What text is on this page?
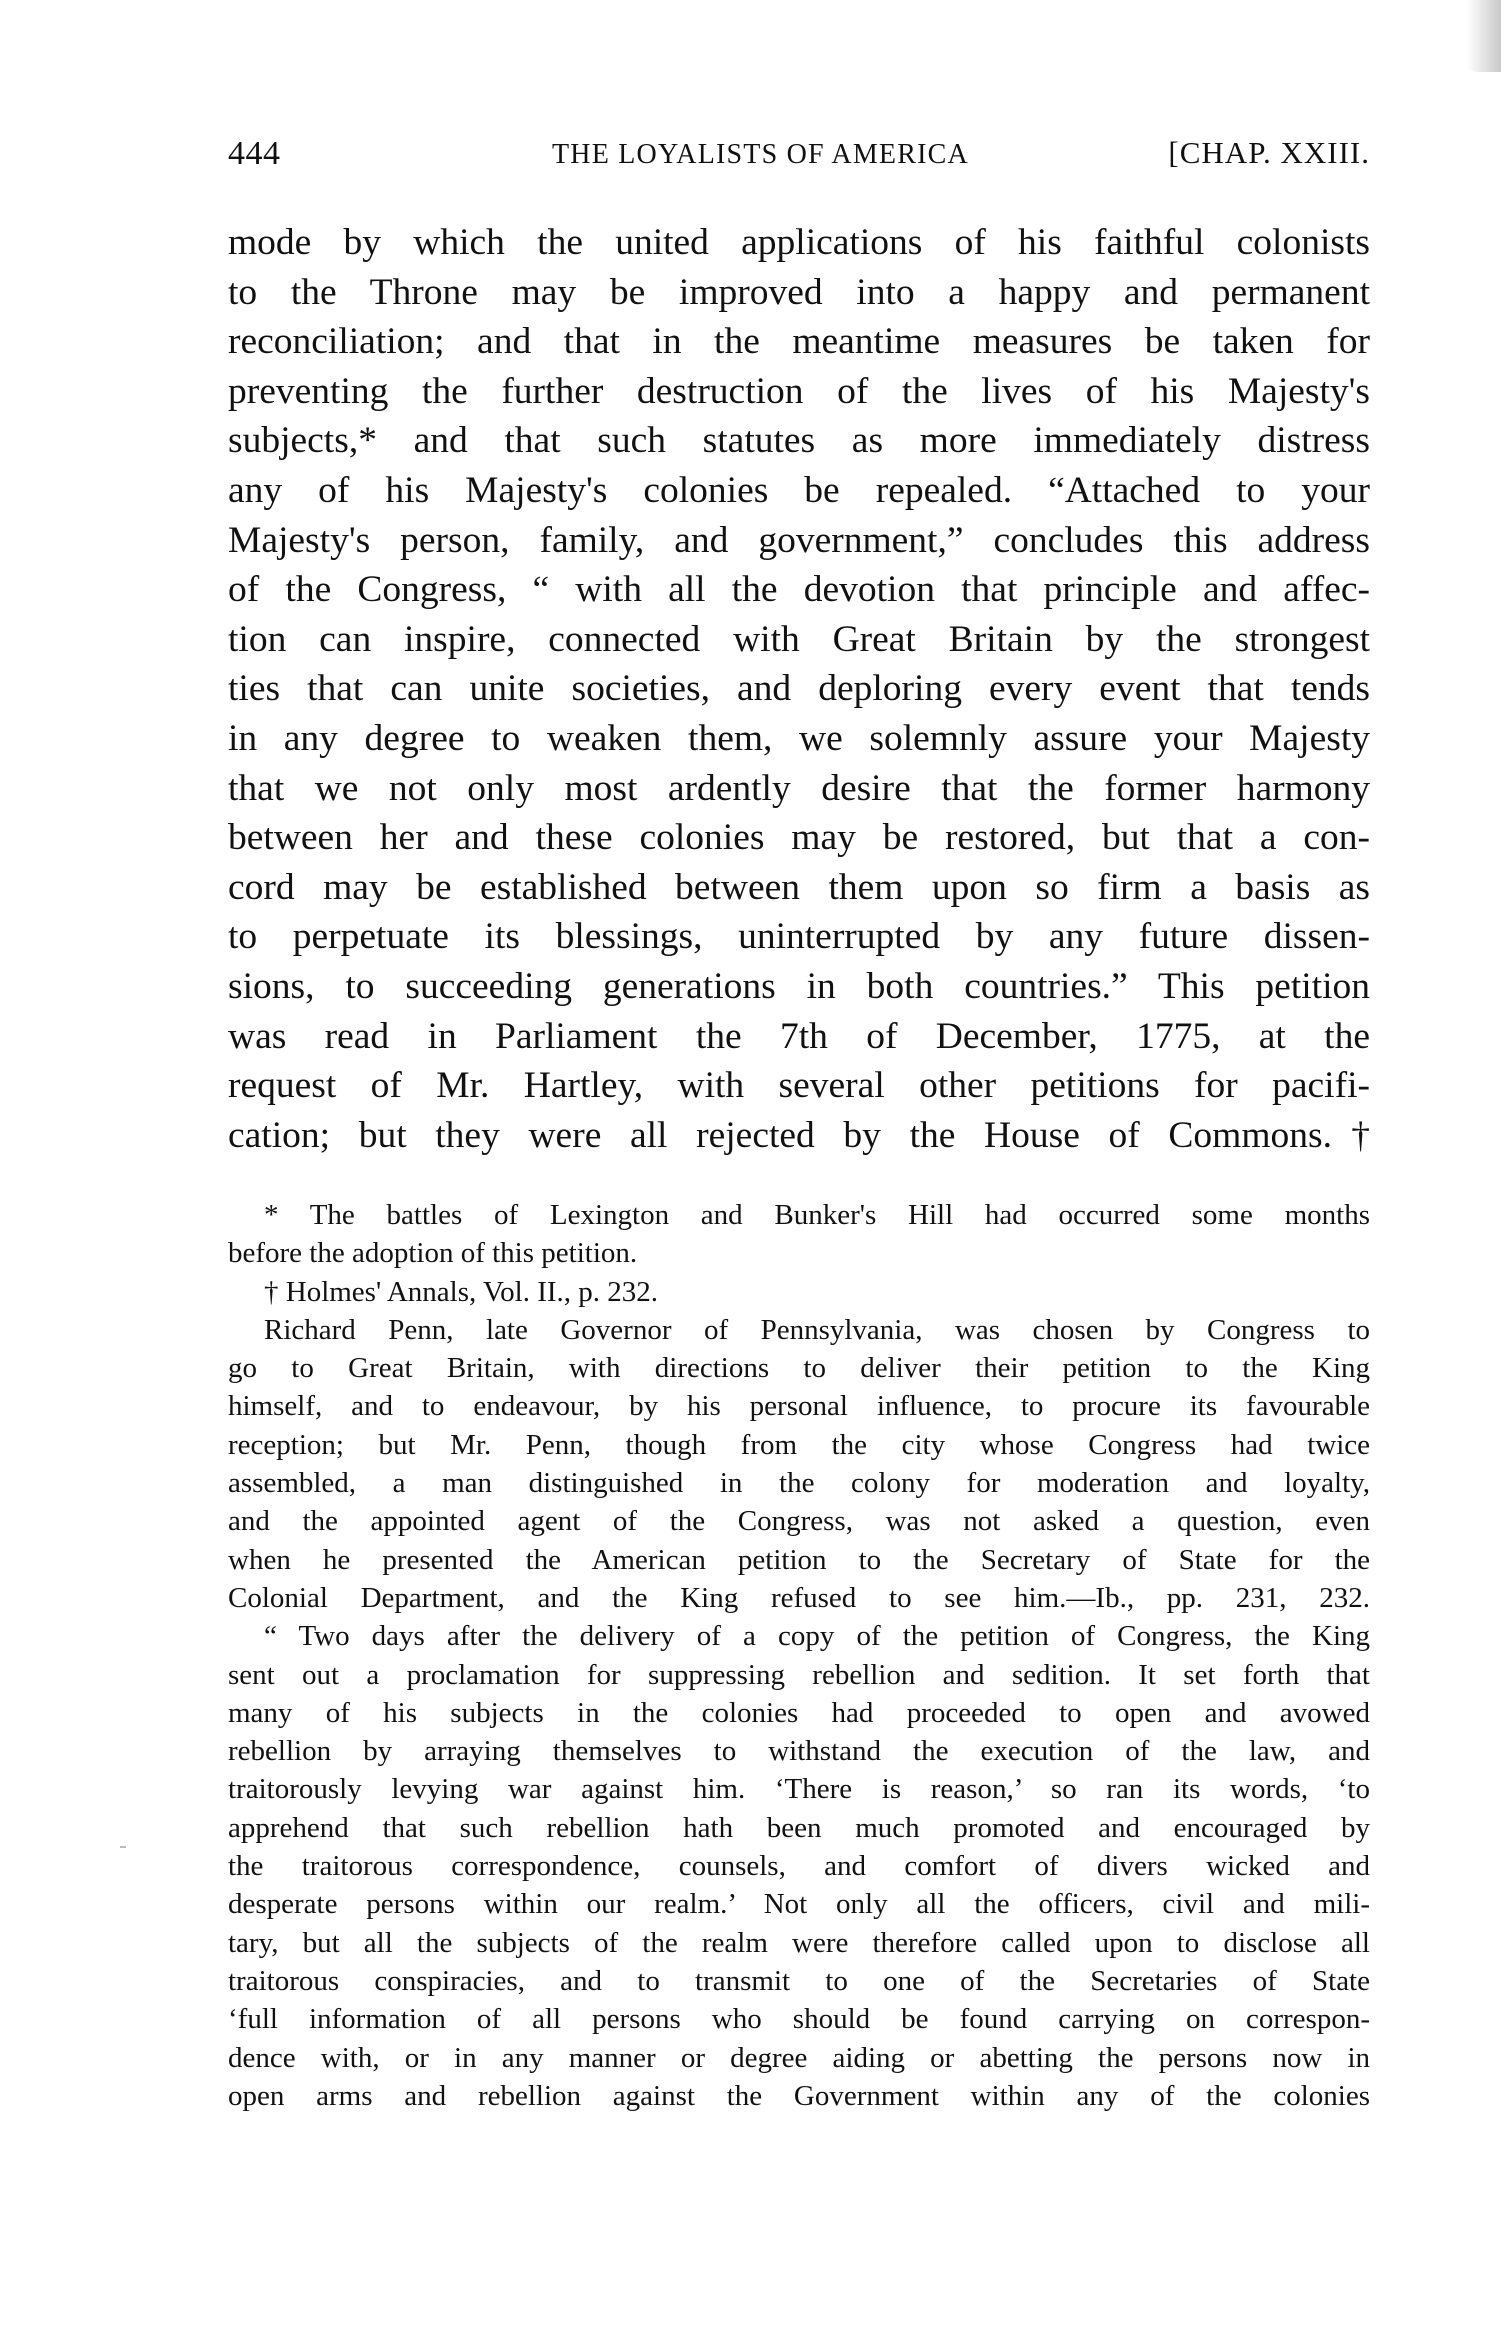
444	THE LOYALISTS OF AMERICA	[CHAP. XXIII.
mode by which the united applications of his faithful colonists
to the Throne may be improved into a happy and permanent
reconciliation; and that in the meantime measures be taken for
preventing the further destruction of the lives of his Majesty's
subjects,* and that such statutes as more immediately distress
any of his Majesty's colonies be repealed. “Attached to your
Majesty's person, family, and government,” concludes this address
of the Congress, “ with all the devotion that principle and affec-
tion can inspire, connected with Great Britain by the strongest
ties that can unite societies, and deploring every event that tends
in any degree to weaken them, we solemnly assure your Majesty
that we not only most ardently desire that the former harmony
between her and these colonies may be restored, but that a con-
cord may be established between them upon so firm a basis as
to perpetuate its blessings, uninterrupted by any future dissen-
sions, to succeeding generations in both countries.” This petition
was read in Parliament the 7th of December, 1775, at the
request of Mr. Hartley, with several other petitions for pacifi-
cation; but they were all rejected by the House of Commons.†
* The battles of Lexington and Bunker's Hill had occurred some months
before the adoption of this petition.
† Holmes' Annals, Vol. II., p. 232.
Richard Penn, late Governor of Pennsylvania, was chosen by Congress to
go to Great Britain, with directions to deliver their petition to the King
himself, and to endeavour, by his personal influence, to procure its favourable
reception; but Mr. Penn, though from the city whose Congress had twice
assembled, a man distinguished in the colony for moderation and loyalty,
and the appointed agent of the Congress, was not asked a question, even
when he presented the American petition to the Secretary of State for the
Colonial Department, and the King refused to see him.—Ib., pp. 231, 232.
“ Two days after the delivery of a copy of the petition of Congress, the King
sent out a proclamation for suppressing rebellion and sedition. It set forth that
many of his subjects in the colonies had proceeded to open and avowed
rebellion by arraying themselves to withstand the execution of the law, and
traitorously levying war against him. ‘There is reason,’ so ran its words, ‘to
apprehend that such rebellion hath been much promoted and encouraged by
the traitorous correspondence, counsels, and comfort of divers wicked and
desperate persons within our realm.’ Not only all the officers, civil and mili-
tary, but all the subjects of the realm were therefore called upon to disclose all
traitorous conspiracies, and to transmit to one of the Secretaries of State
‘full information of all persons who should be found carrying on correspon-
dence with, or in any manner or degree aiding or abetting the persons now in
open arms and rebellion against the Government within any of the colonies
